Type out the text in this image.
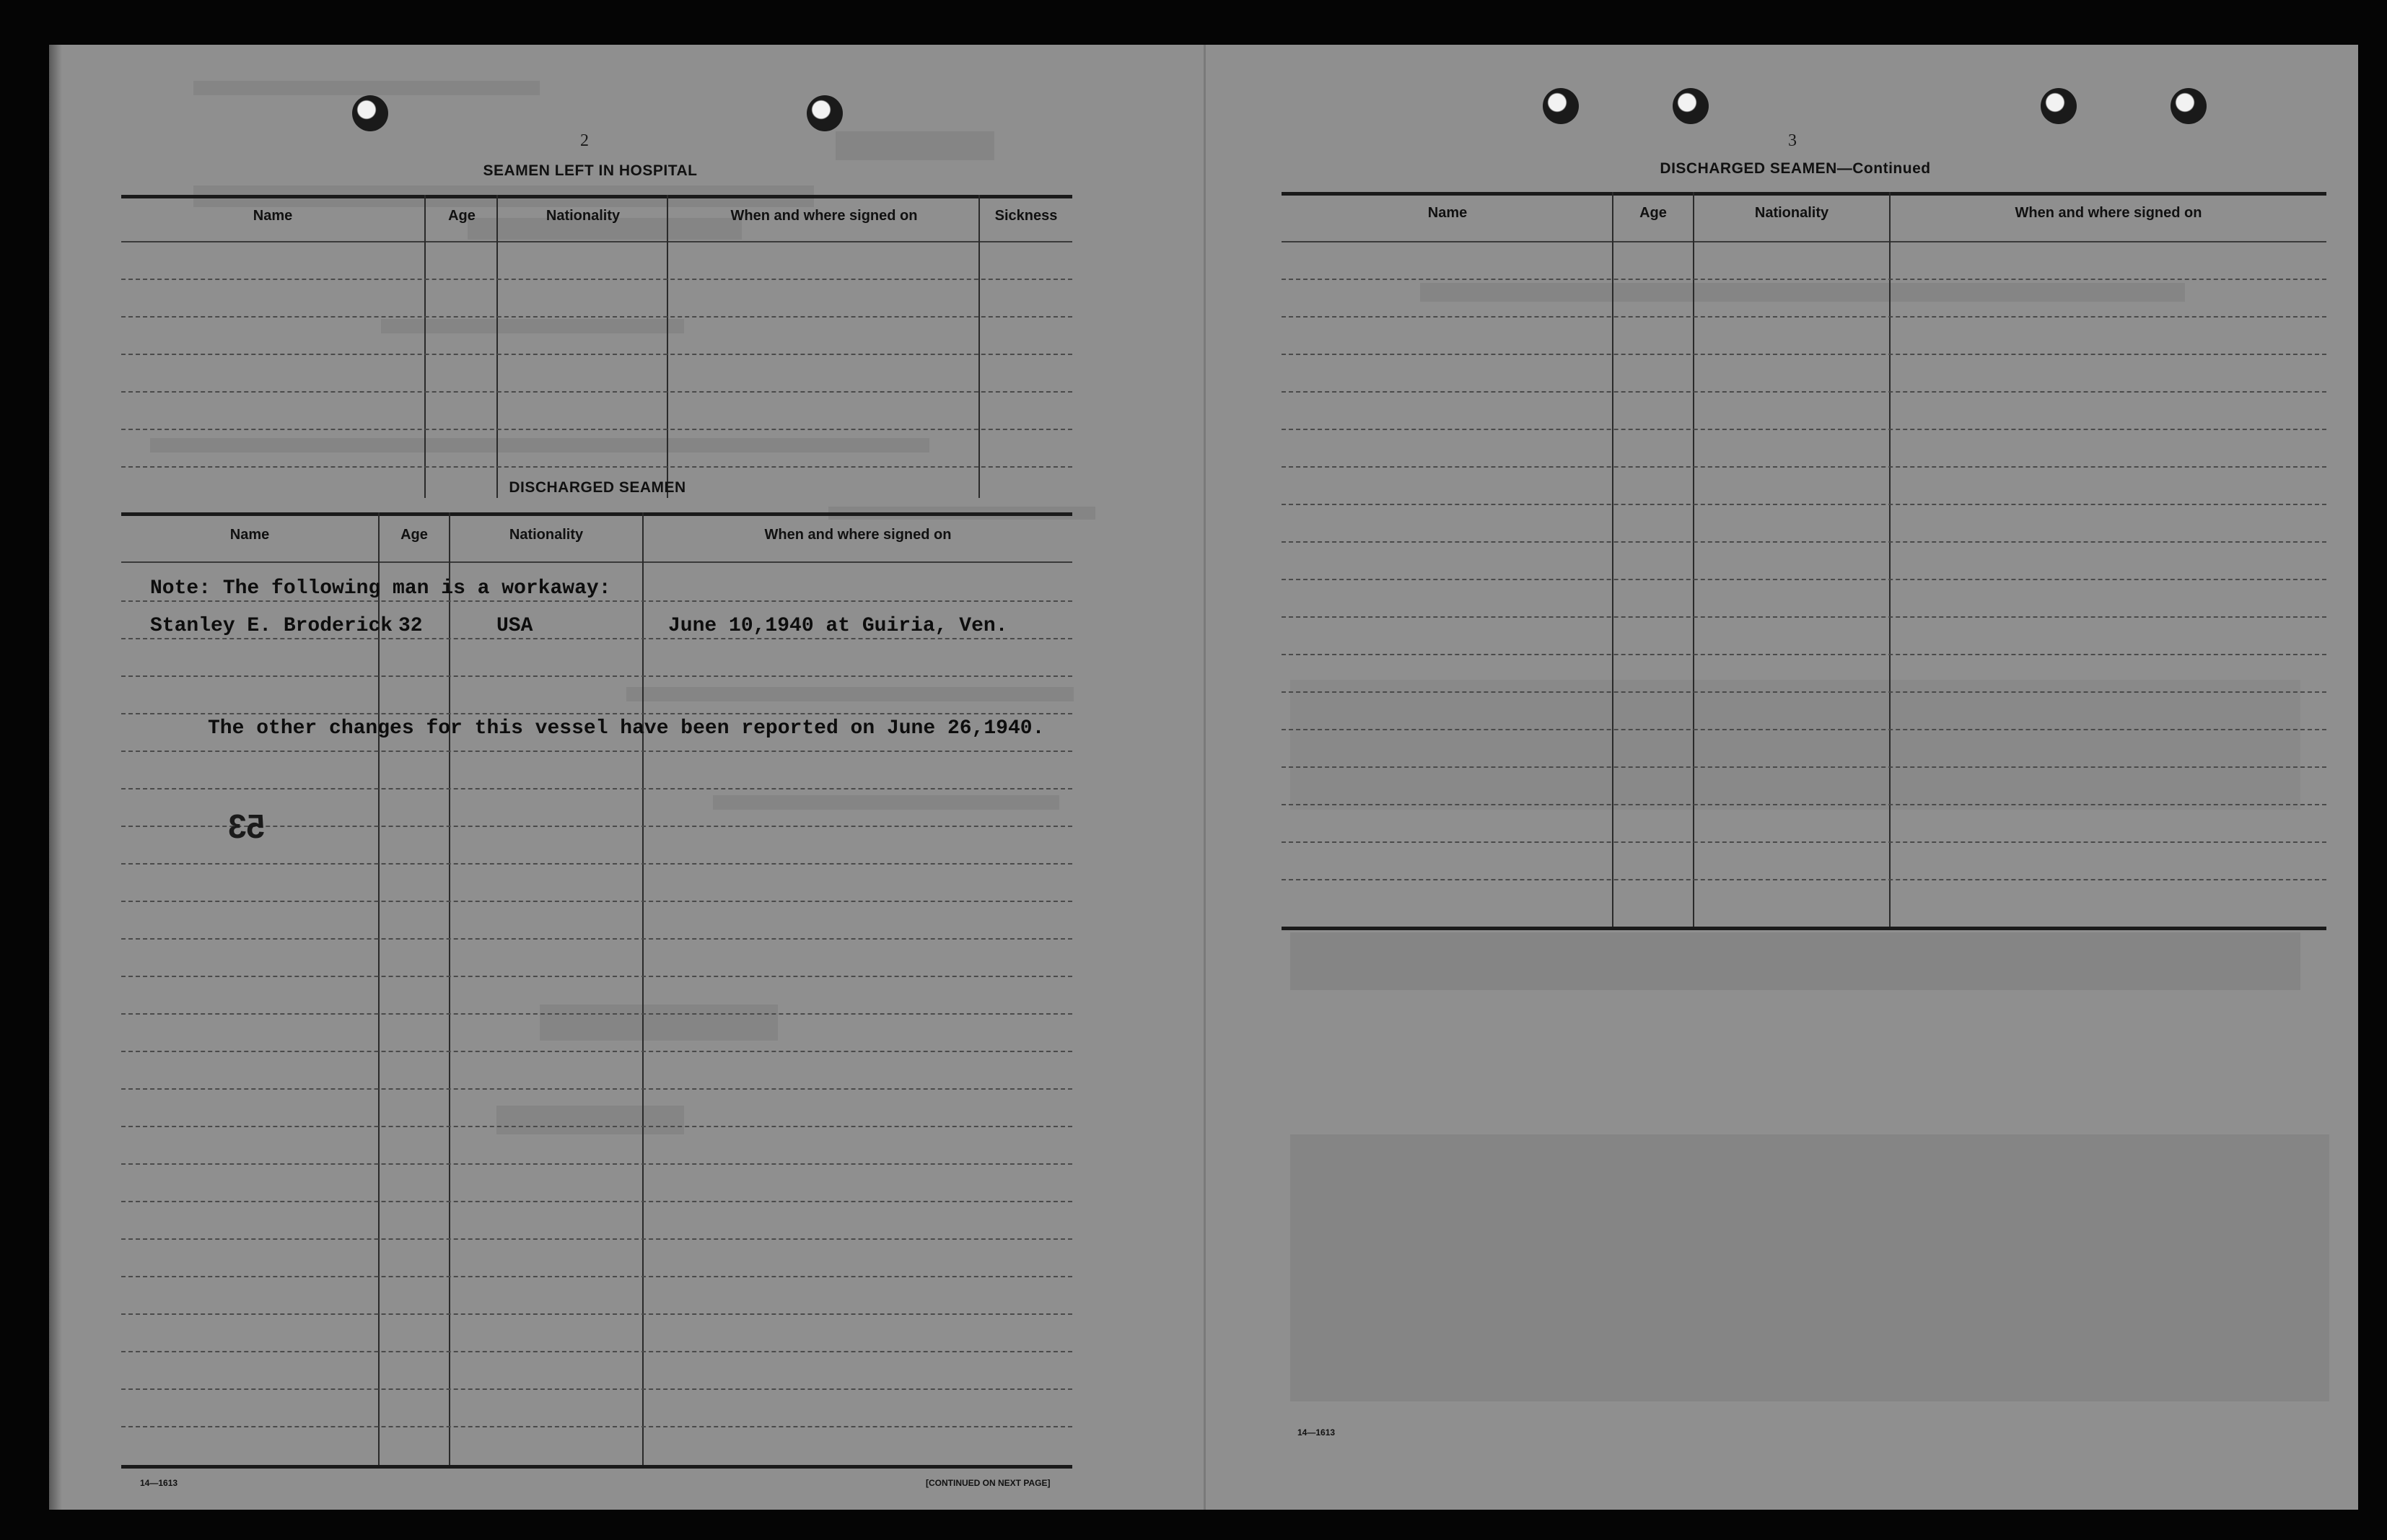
2
SEAMEN LEFT IN HOSPITAL
Name	Age	Nationality	When and where signed on	Sickness
DISCHARGED SEAMEN
Name	Age	Nationality	When and where signed on
Note: The following man is a workaway:
Stanley E. Broderick 32	USA	June 10,1940 at Guiria, Ven.
The other changes for this vessel have been reported on June 26,1940.
53
14—1613	[CONTINUED ON NEXT PAGE]
3
DISCHARGED SEAMEN—Continued
Name	Age	Nationality	When and where signed on
14—1613
